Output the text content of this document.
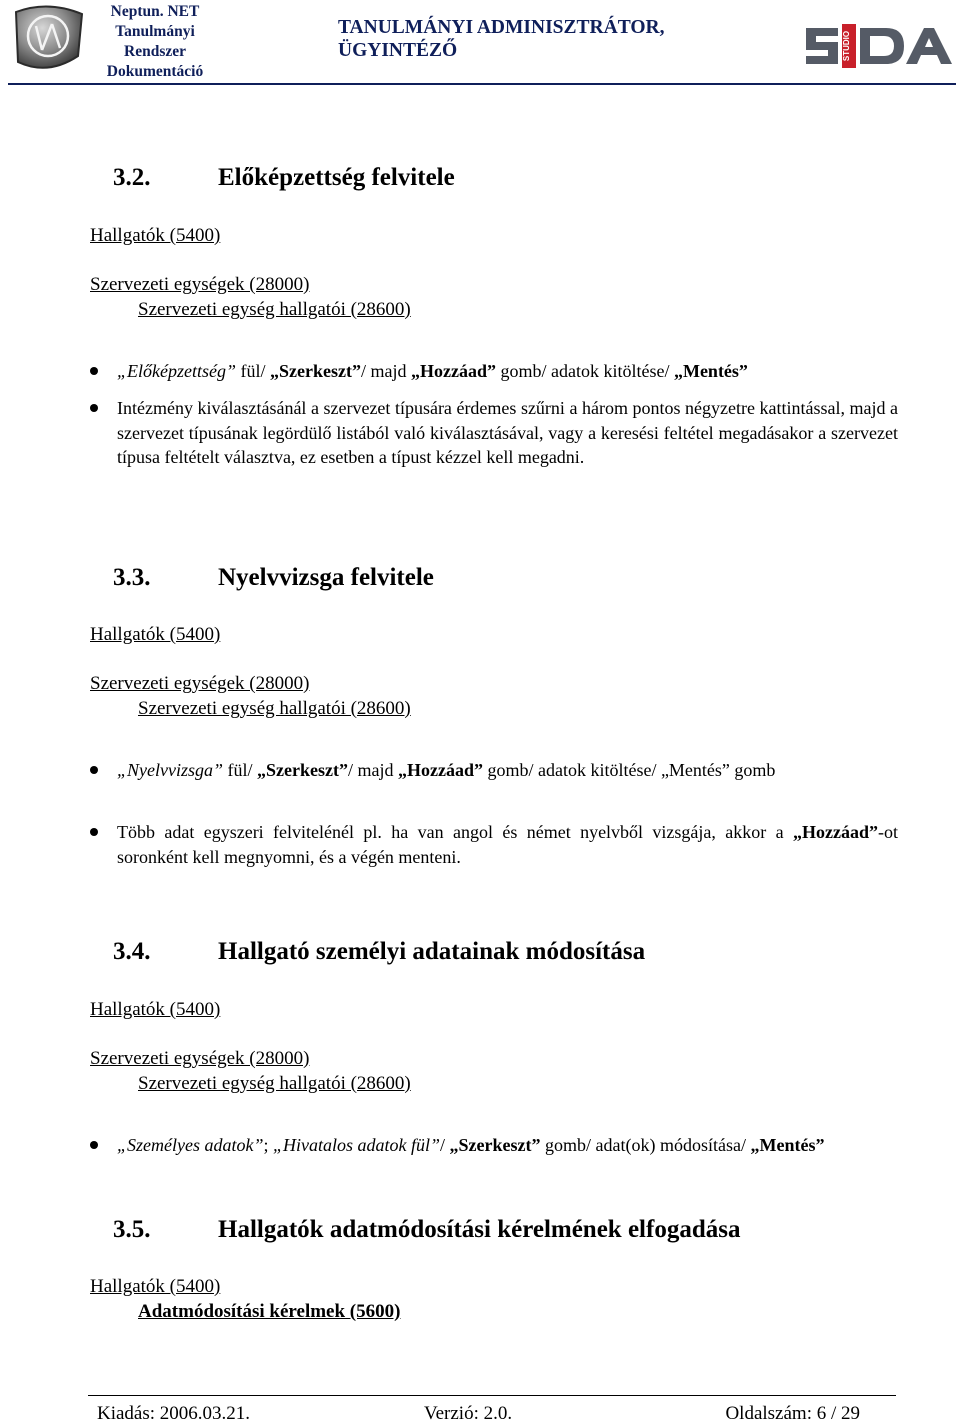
Neptun. NET
Tanulmányi
Rendszer
Dokumentáció
TANULMÁNYI ADMINISZTRÁTOR,
ÜGYINTÉZŐ	STUDIO
3.2.	Előképzettség felvitele
Hallgatók (5400)
Szervezeti egységek (28000)
Szervezeti egység hallgatói (28600)
„Előképzettség” fül/ „Szerkeszt”/ majd „Hozzáad” gomb/ adatok kitöltése/ „Mentés”
Intézmény kiválasztásánál a szervezet típusára érdemes szűrni a három pontos négyzetre kattintással, majd a szervezet típusának legördülő listából való kiválasztásával, vagy a keresési feltétel megadásakor a szervezet típusa feltételt választva, ez esetben a típust kézzel kell megadni.
3.3.	Nyelvvizsga felvitele
Hallgatók (5400)
Szervezeti egységek (28000)
Szervezeti egység hallgatói (28600)
„Nyelvvizsga” fül/ „Szerkeszt”/ majd „Hozzáad” gomb/ adatok kitöltése/ „Mentés” gomb
Több adat egyszeri felvitelénél pl. ha van angol és német nyelvből vizsgája, akkor a „Hozzáad”-ot soronként kell megnyomni, és a végén menteni.
3.4.	Hallgató személyi adatainak módosítása
Hallgatók (5400)
Szervezeti egységek (28000)
Szervezeti egység hallgatói (28600)
„Személyes adatok”; „Hivatalos adatok fül”/ „Szerkeszt” gomb/ adat(ok) módosítása/ „Mentés”
3.5.	Hallgatók adatmódosítási kérelmének elfogadása
Hallgatók (5400)
Adatmódosítási kérelmek (5600)
Kiadás: 2006.03.21.	Verzió: 2.0.	Oldalszám: 6 / 29
